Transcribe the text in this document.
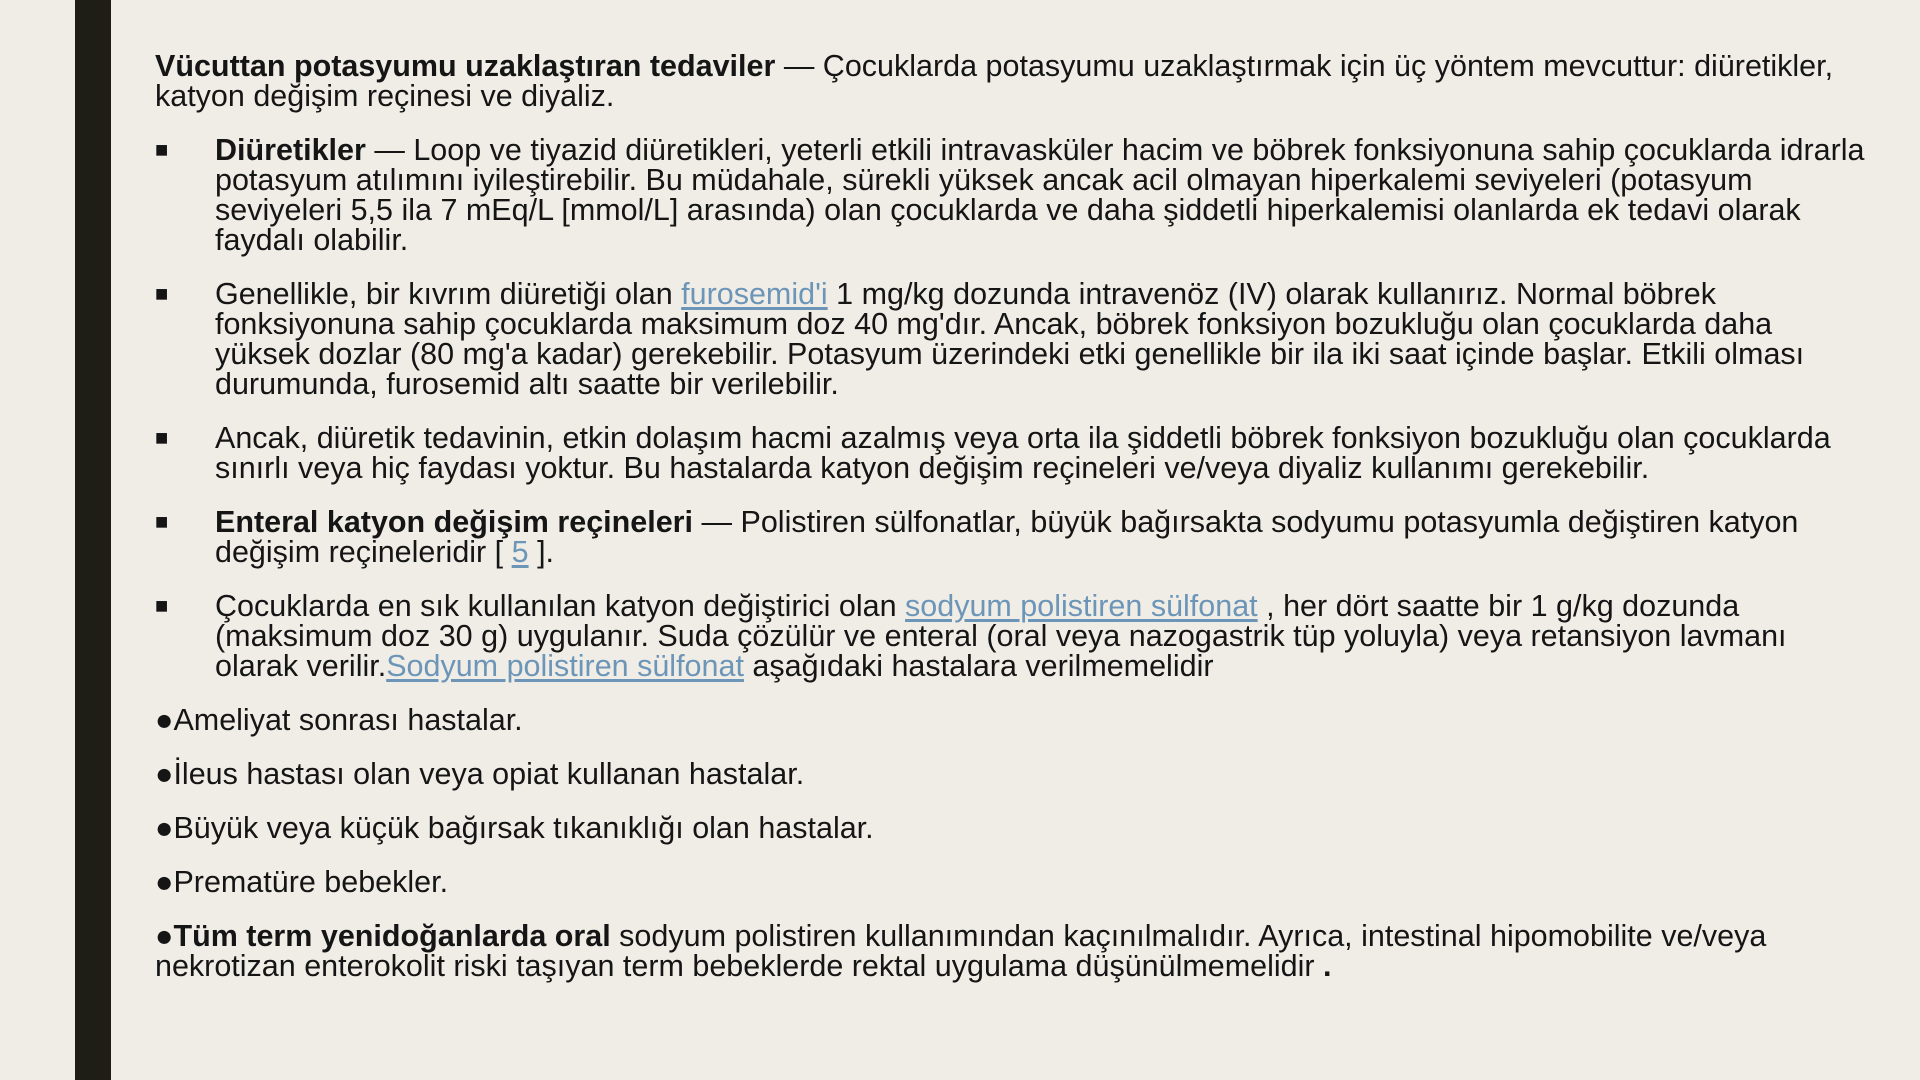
Vücuttan potasyumu uzaklaştıran tedaviler — Çocuklarda potasyumu uzaklaştırmak için üç yöntem mevcuttur: diüretikler, katyon değişim reçinesi ve diyaliz.

■ Diüretikler — Loop ve tiyazid diüretikleri, yeterli etkili intravasküler hacim ve böbrek fonksiyonuna sahip çocuklarda idrarla potasyum atılımını iyileştirebilir. Bu müdahale, sürekli yüksek ancak acil olmayan hiperkalemi seviyeleri (potasyum seviyeleri 5,5 ila 7 mEq/L [mmol/L] arasında) olan çocuklarda ve daha şiddetli hiperkalemisi olanlarda ek tedavi olarak faydalı olabilir.
■ Genellikle, bir kıvrım diüretiği olan furosemid'i 1 mg/kg dozunda intravenöz (IV) olarak kullanırız. Normal böbrek fonksiyonuna sahip çocuklarda maksimum doz 40 mg'dır. Ancak, böbrek fonksiyon bozukluğu olan çocuklarda daha yüksek dozlar (80 mg'a kadar) gerekebilir. Potasyum üzerindeki etki genellikle bir ila iki saat içinde başlar. Etkili olması durumunda, furosemid altı saatte bir verilebilir.
■ Ancak, diüretik tedavinin, etkin dolaşım hacmi azalmış veya orta ila şiddetli böbrek fonksiyon bozukluğu olan çocuklarda sınırlı veya hiç faydası yoktur. Bu hastalarda katyon değişim reçineleri ve/veya diyaliz kullanımı gerekebilir.
■ Enteral katyon değişim reçineleri — Polistiren sülfonatlar, büyük bağırsakta sodyumu potasyumla değiştiren katyon değişim reçineleridir [ 5 ].
■ Çocuklarda en sık kullanılan katyon değiştirici olan sodyum polistiren sülfonat , her dört saatte bir 1 g/kg dozunda (maksimum doz 30 g) uygulanır. Suda çözülür ve enteral (oral veya nazogastrik tüp yoluyla) veya retansiyon lavmanı olarak verilir.Sodyum polistiren sülfonat aşağıdaki hastalara verilmemelidir

●Ameliyat sonrası hastalar.

●İleus hastası olan veya opiat kullanan hastalar.

●Büyük veya küçük bağırsak tıkanıklığı olan hastalar.

●Prematüre bebekler.

●Tüm term yenidoğanlarda oral sodyum polistiren kullanımından kaçınılmalıdır. Ayrıca, intestinal hipomobilite ve/veya nekrotizan enterokolit riski taşıyan term bebeklerde rektal uygulama düşünülmemelidir .
